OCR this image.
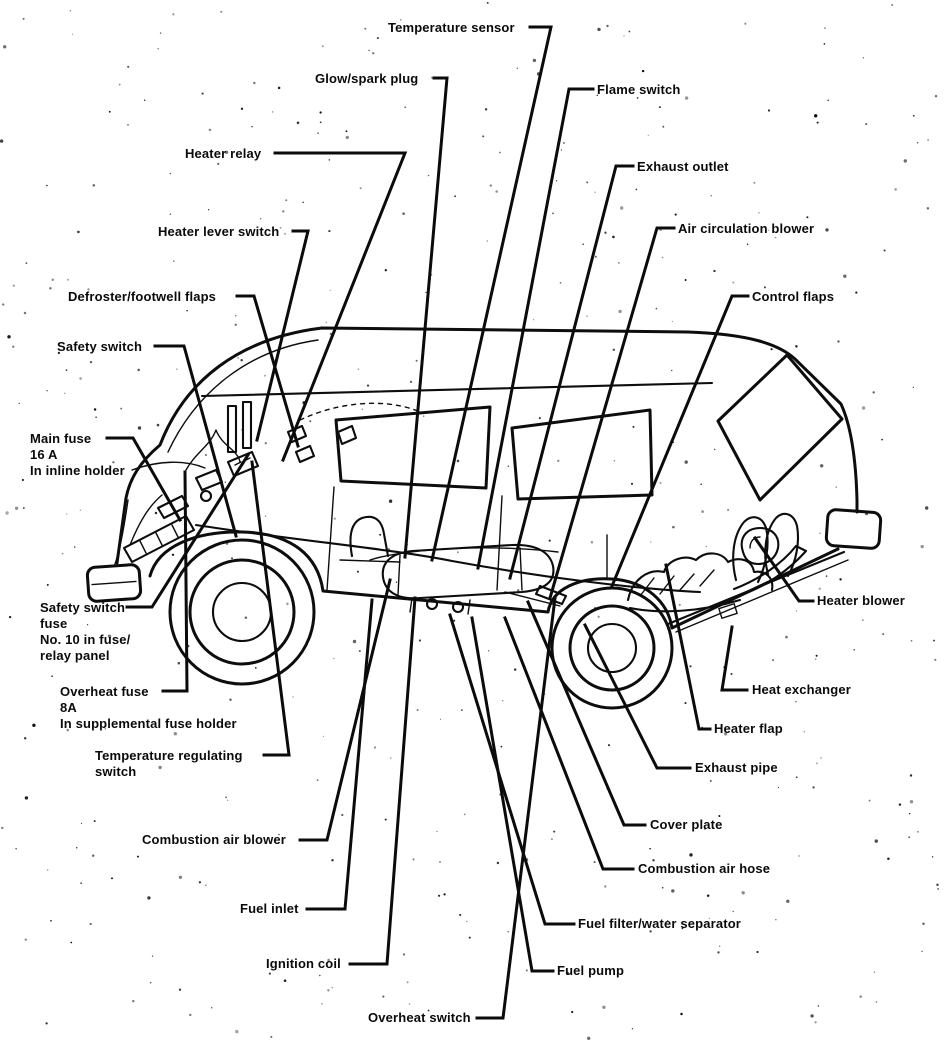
Temperature sensor
Glow/spark plug
Flame switch
Heater relay
Exhaust outlet
Heater lever switch	Air circulation blower
Defroster/footwell flaps	Control flaps
Safety switch
Main fuse
16 A
In inline holder
Safety switch
fuse
No. 10 in fuse/
relay panel
Overheat fuse
8A
In supplemental fuse holder
Temperature regulating
switch
Combustion air blower
Fuel inlet
Ignition coil
Overheat switch
Fuel pump
Fuel filter/water separator
Combustion air hose
Cover plate
Exhaust pipe
Heater flap
Heat exchanger
Heater blower
